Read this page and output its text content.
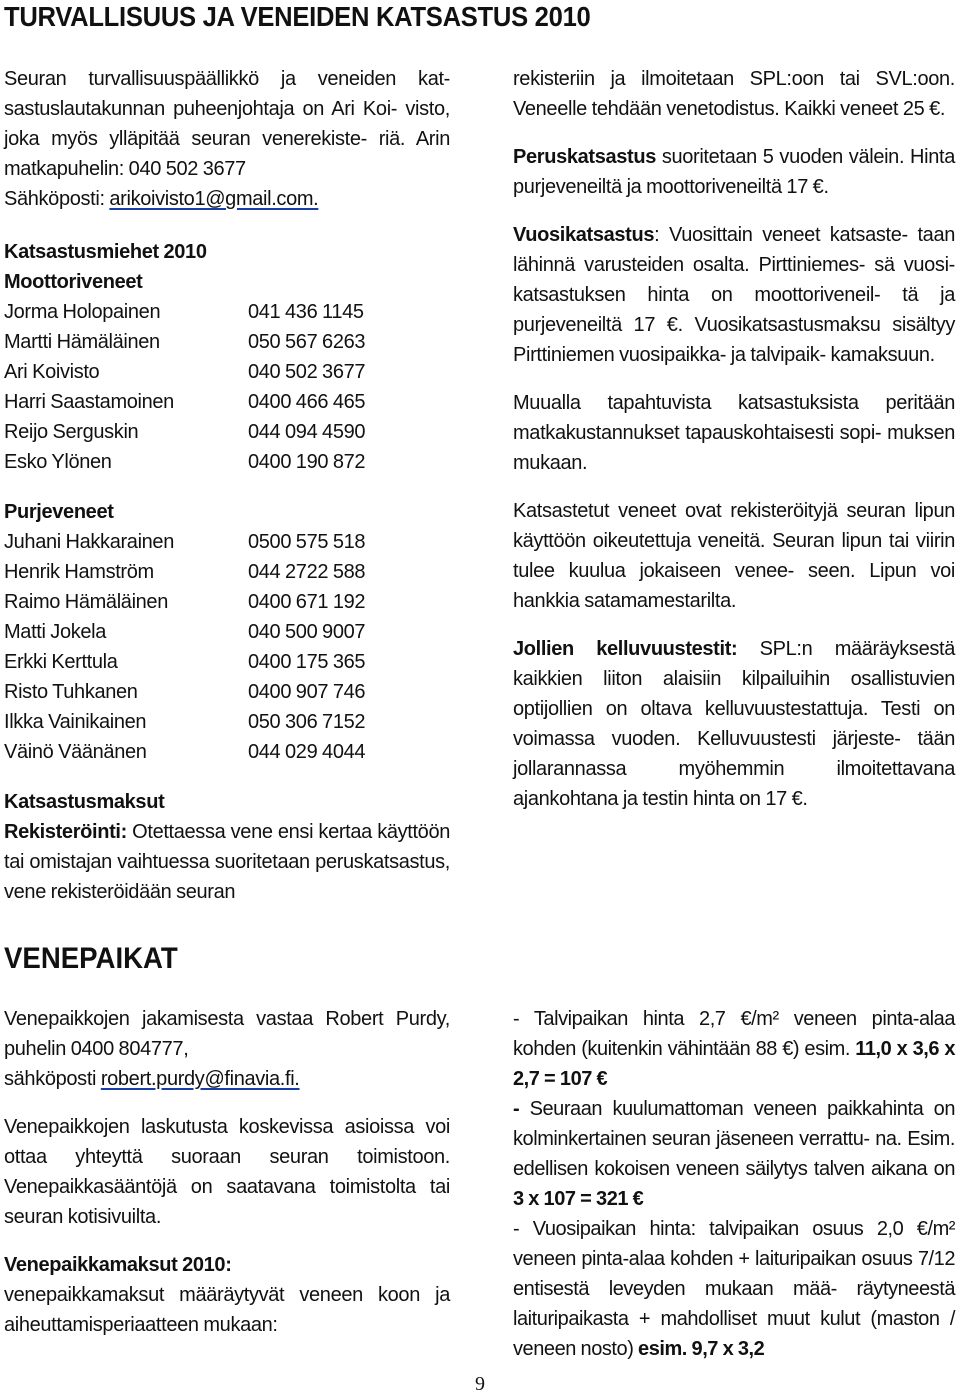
TURVALLISUUS JA VENEIDEN KATSASTUS 2010

Seuran turvallisuuspäällikkö ja veneiden kat- sastuslautakunnan puheenjohtaja on Ari Koi- visto, joka myös ylläpitää seuran venerekiste- riä. Arin matkapuhelin: 040 502 3677

Sähköposti: arikoivisto1@gmail.com.

Katsastusmiehet 2010
Moottoriveneet
Jorma Holopainen	041 436 1145
Martti Hämäläinen	050 567 6263
Ari Koivisto	040 502 3677
Harri Saastamoinen	0400 466 465
Reijo Serguskin	044 094 4590
Esko Ylönen	0400 190 872
Purjeveneet
Juhani Hakkarainen	0500 575 518
Henrik Hamström	044 2722 588
Raimo Hämäläinen	0400 671 192
Matti Jokela	040 500 9007
Erkki Kerttula	0400 175 365
Risto Tuhkanen	0400 907 746
Ilkka Vainikainen	050 306 7152
Väinö Väänänen	044 029 4044
Katsastusmaksut

Rekisteröinti: Otettaessa vene ensi kertaa käyttöön tai omistajan vaihtuessa suoritetaan peruskatsastus, vene rekisteröidään seuran

rekisteriin ja ilmoitetaan SPL:oon tai SVL:oon. Veneelle tehdään venetodistus. Kaikki veneet 25 €.

Peruskatsastus suoritetaan 5 vuoden välein. Hinta purjeveneiltä ja moottoriveneiltä 17 €.

Vuosikatsastus: Vuosittain veneet katsaste- taan lähinnä varusteiden osalta. Pirttiniemes- sä vuosi-katsastuksen hinta on moottoriveneil- tä ja purjeveneiltä 17 €. Vuosikatsastusmaksu sisältyy Pirttiniemen vuosipaikka- ja talvipaik- kamaksuun.

Muualla tapahtuvista katsastuksista peritään matkakustannukset tapauskohtaisesti sopi- muksen mukaan.

Katsastetut veneet ovat rekisteröityjä seuran lipun käyttöön oikeutettuja veneitä. Seuran lipun tai viirin tulee kuulua jokaiseen venee- seen. Lipun voi hankkia satamamestarilta.

Jollien kelluvuustestit: SPL:n määräyksestä kaikkien liiton alaisiin kilpailuihin osallistuvien optijollien on oltava kelluvuustestattuja. Testi on voimassa vuoden. Kelluvuustesti järjeste- tään jollarannassa myöhemmin ilmoitettavana ajankohtana ja testin hinta on 17 €.

VENEPAIKAT

Venepaikkojen jakamisesta vastaa Robert Purdy, puhelin 0400 804777,

sähköposti robert.purdy@finavia.fi.

Venepaikkojen laskutusta koskevissa asioissa voi ottaa yhteyttä suoraan seuran toimistoon. Venepaikkasääntöjä on saatavana toimistolta tai seuran kotisivuilta.

Venepaikkamaksut 2010:

venepaikkamaksut määräytyvät veneen koon ja aiheuttamisperiaatteen mukaan:

- Talvipaikan hinta 2,7 €/m² veneen pinta-alaa kohden (kuitenkin vähintään 88 €) esim. 11,0 x 3,6 x 2,7 = 107 €

- Seuraan kuulumattoman veneen paikkahinta on kolminkertainen seuran jäseneen verrattu- na. Esim. edellisen kokoisen veneen säilytys talven aikana on 3 x 107 = 321 €

- Vuosipaikan hinta: talvipaikan osuus 2,0 €/m² veneen pinta-alaa kohden + laituripaikan osuus 7/12 entisestä leveyden mukaan mää- räytyneestä laituripaikasta + mahdolliset muut kulut (maston / veneen nosto) esim. 9,7 x 3,2

9
